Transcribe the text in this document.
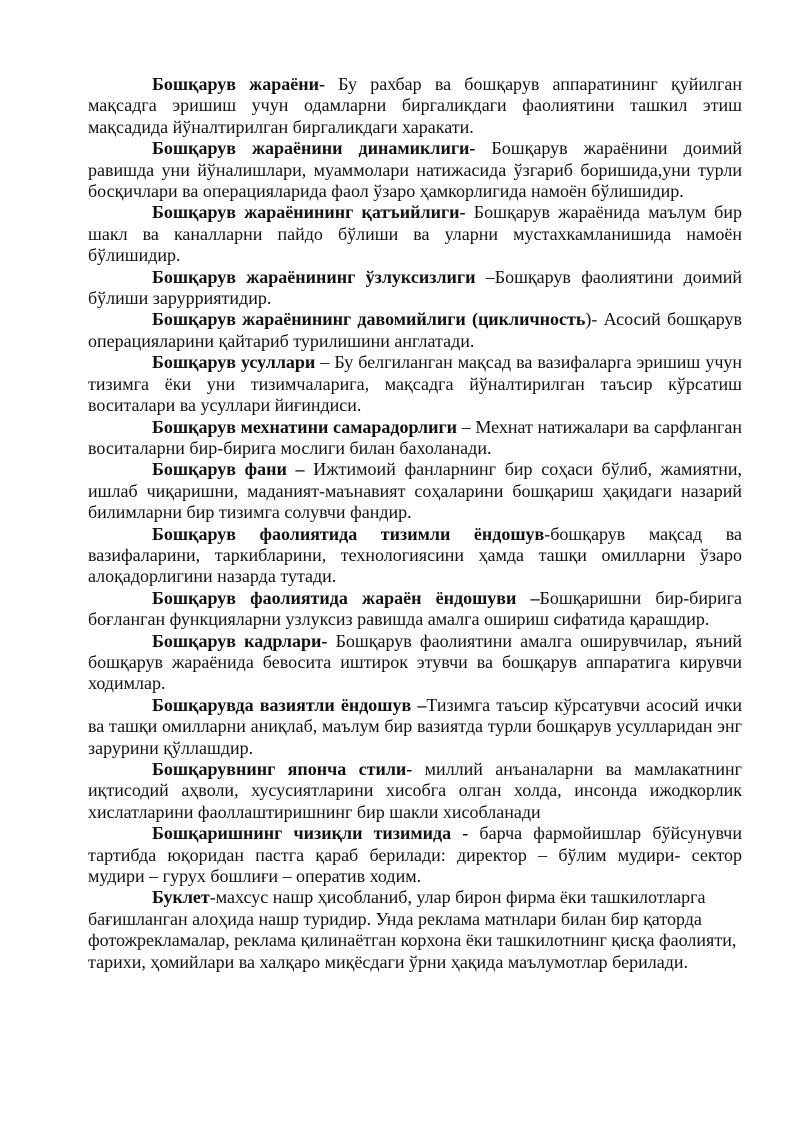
Бошқарув жараёни- Бу рахбар ва бошқарув аппаратининг қуйилган мақсадга эришиш учун одамларни биргаликдаги фаолиятини ташкил этиш мақсадида йўналтирилган биргаликдаги харакати.

Бошқарув жараёнини динамиклиги- Бошқарув жараёнини доимий равишда уни йўналишлари, муаммолари натижасида ўзгариб боришида,уни турли босқичлари ва операцияларида фаол ўзаро ҳамкорлигида намоён бўлишидир.

Бошқарув жараёнининг қатъийлиги- Бошқарув жараёнида маълум бир шакл ва каналларни пайдо бўлиши ва уларни мустахкамланишида намоён бўлишидир.

Бошқарув жараёнининг ўзлуксизлиги –Бошқарув фаолиятини доимий бўлиши зарурриятидир.

Бошқарув жараёнининг давомийлиги (цикличность)- Асосий бошқарув операцияларини қайтариб турилишини англатади.

Бошқарув усуллари – Бу белгиланган мақсад ва вазифаларга эришиш учун тизимга ёки уни тизимчаларига, мақсадга йўналтирилган таъсир кўрсатиш воситалари ва усуллари йиғиндиси.

Бошқарув мехнатини самарадорлиги – Мехнат натижалари ва сарфланган воситаларни бир-бирига мослиги билан бахоланади.

Бошқарув фани – Ижтимоий фанларнинг бир соҳаси бўлиб, жамиятни, ишлаб чиқаришни, маданият-маънавият соҳаларини бошқариш ҳақидаги назарий билимларни бир тизимга солувчи фандир.

Бошқарув фаолиятида тизимли ёндошув-бошқарув мақсад ва вазифаларини, таркибларини, технологиясини ҳамда ташқи омилларни ўзаро алоқадорлигини назарда тутади.

Бошқарув фаолиятида жараён ёндошуви –Бошқаришни бир-бирига боғланган функцияларни узлуксиз равишда амалга ошириш сифатида қарашдир.

Бошқарув кадрлари- Бошқарув фаолиятини амалга оширувчилар, яъний бошқарув жараёнида бевосита иштирок этувчи ва бошқарув аппаратига кирувчи ходимлар.

Бошқарувда вазиятли ёндошув –Тизимга таъсир кўрсатувчи асосий ички ва ташқи омилларни аниқлаб, маълум бир вазиятда турли бошқарув усулларидан энг зарурини қўллашдир.

Бошқарувнинг японча стили- миллий анъаналарни ва мамлакатнинг иқтисодий аҳволи, хусусиятларини хисобга олган холда, инсонда ижодкорлик хислатларини фаоллаштиришнинг бир шакли хисобланади

Бошқаришнинг чизиқли тизимида - барча фармойишлар бўйсунувчи тартибда юқоридан пастга қараб берилади: директор – бўлим мудири- сектор мудири – гурух бошлиғи – оператив ходим.

Буклет-махсус нашр ҳисобланиб, улар бирон фирма ёки ташкилотларга бағишланган алоҳида нашр туридир. Унда реклама матнлари билан бир қаторда фотожрекламалар, реклама қилинаётган корхона ёки ташкилотнинг қисқа фаолияти, тарихи, ҳомийлари ва халқаро миқёсдаги ўрни ҳақида маълумотлар берилади.
